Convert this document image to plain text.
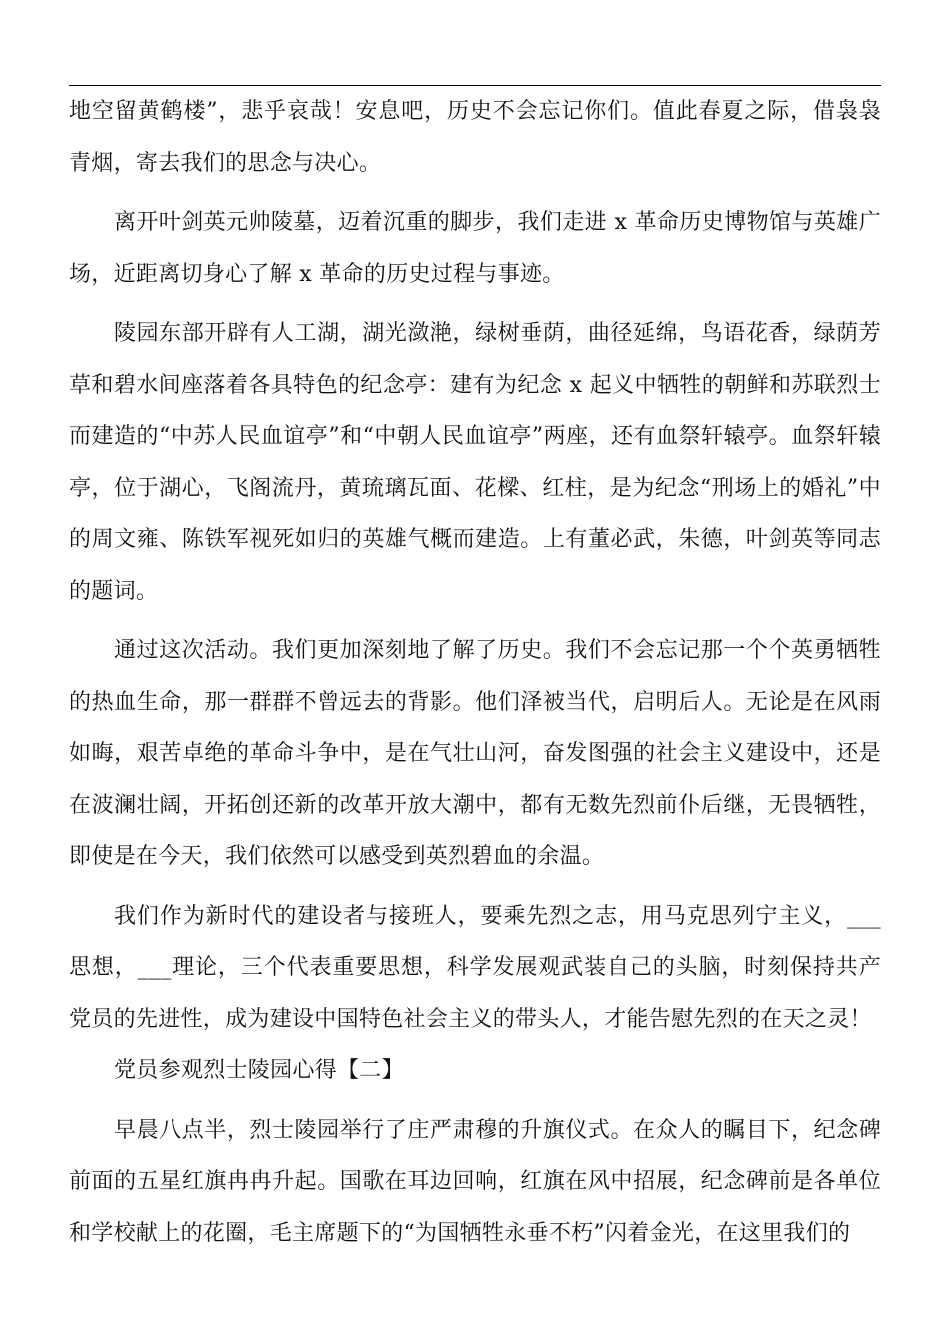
地空留黄鹤楼”，悲乎哀哉！安息吧，历史不会忘记你们。值此春夏之际，借袅袅青烟，寄去我们的思念与决心。

离开叶剑英元帅陵墓，迈着沉重的脚步，我们走进 x 革命历史博物馆与英雄广场，近距离切身心了解 x 革命的历史过程与事迹。

陵园东部开辟有人工湖，湖光潋滟，绿树垂荫，曲径延绵，鸟语花香，绿荫芳草和碧水间座落着各具特色的纪念亭：建有为纪念 x 起义中牺牲的朝鲜和苏联烈士而建造的“中苏人民血谊亭”和“中朝人民血谊亭”两座，还有血祭轩辕亭。血祭轩辕亭，位于湖心，飞阁流丹，黄琉璃瓦面、花樑、红柱，是为纪念“刑场上的婚礼”中的周文雍、陈铁军视死如归的英雄气概而建造。上有董必武，朱德，叶剑英等同志的题词。

通过这次活动。我们更加深刻地了解了历史。我们不会忘记那一个个英勇牺牲的热血生命，那一群群不曾远去的背影。他们泽被当代，启明后人。无论是在风雨如晦，艰苦卓绝的革命斗争中，是在气壮山河，奋发图强的社会主义建设中，还是在波澜壮阔，开拓创还新的改革开放大潮中，都有无数先烈前仆后继，无畏牺牲，即使是在今天，我们依然可以感受到英烈碧血的余温。

我们作为新时代的建设者与接班人，要乘先烈之志，用马克思列宁主义，___思想，___理论，三个代表重要思想，科学发展观武装自己的头脑，时刻保持共产党员的先进性，成为建设中国特色社会主义的带头人，才能告慰先烈的在天之灵！

党员参观烈士陵园心得【二】

早晨八点半，烈士陵园举行了庄严肃穆的升旗仪式。在众人的瞩目下，纪念碑前面的五星红旗冉冉升起。国歌在耳边回响，红旗在风中招展，纪念碑前是各单位和学校献上的花圈，毛主席题下的“为国牺牲永垂不朽”闪着金光，在这里我们的
